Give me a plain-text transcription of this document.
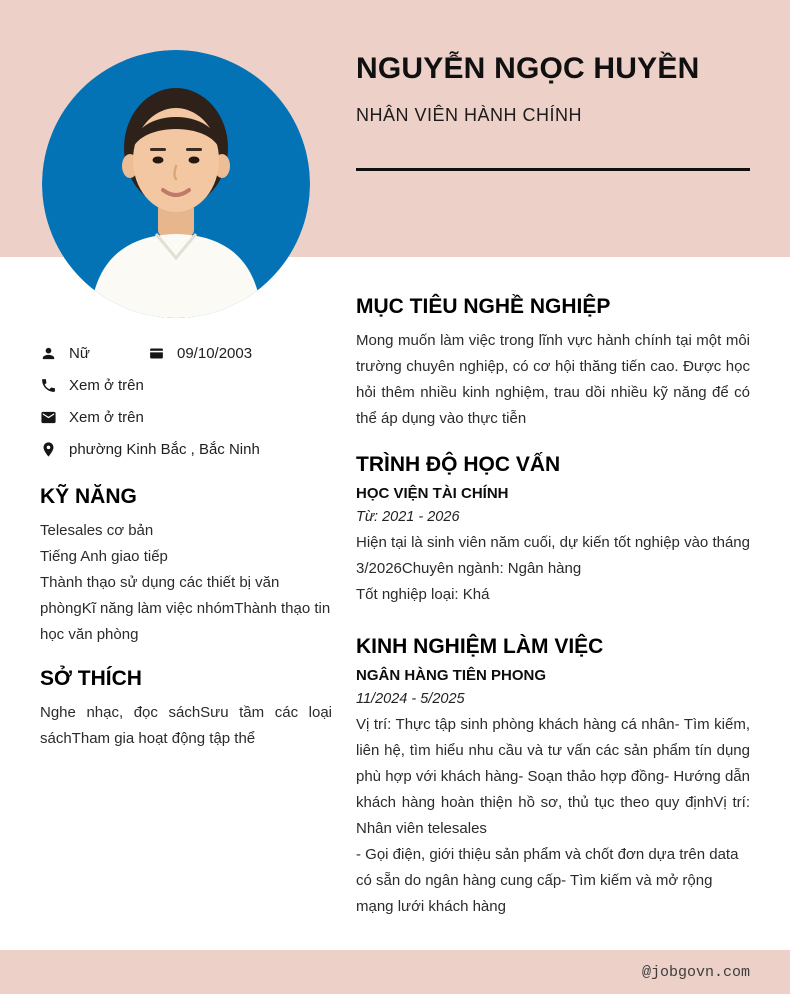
NGUYỄN NGỌC HUYỀN
NHÂN VIÊN HÀNH CHÍNH
Nữ	09/10/2003
Xem ở trên
Xem ở trên
phường Kinh Bắc , Bắc Ninh
KỸ NĂNG
Telesales cơ bản
Tiếng Anh giao tiếp
Thành thạo sử dụng các thiết bị văn phòngKĩ năng làm việc nhómThành thạo tin học văn phòng
SỞ THÍCH

Nghe nhạc, đọc sáchSưu tầm các loại sáchTham gia hoạt động tập thể

MỤC TIÊU NGHỀ NGHIỆP

Mong muốn làm việc trong lĩnh vực hành chính tại một môi trường chuyên nghiệp, có cơ hội thăng tiến cao. Được học hỏi thêm nhiều kinh nghiệm, trau dồi nhiều kỹ năng để có thể áp dụng vào thực tiễn

TRÌNH ĐỘ HỌC VẤN
HỌC VIỆN TÀI CHÍNH
Từ: 2021 - 2026

Hiện tại là sinh viên năm cuối, dự kiến tốt nghiệp vào tháng 3/2026Chuyên ngành: Ngân hàng

Tốt nghiệp loại: Khá

KINH NGHIỆM LÀM VIỆC
NGÂN HÀNG TIÊN PHONG
11/2024 - 5/2025

Vị trí: Thực tập sinh phòng khách hàng cá nhân- Tìm kiếm, liên hệ, tìm hiểu nhu cầu và tư vấn các sản phẩm tín dụng phù hợp với khách hàng- Soạn thảo hợp đồng- Hướng dẫn khách hàng hoàn thiện hồ sơ, thủ tục theo quy địnhVị trí: Nhân viên telesales

- Gọi điện, giới thiệu sản phẩm và chốt đơn dựa trên data có sẵn do ngân hàng cung cấp- Tìm kiếm và mở rộng mạng lưới khách hàng

@jobgovn.com
